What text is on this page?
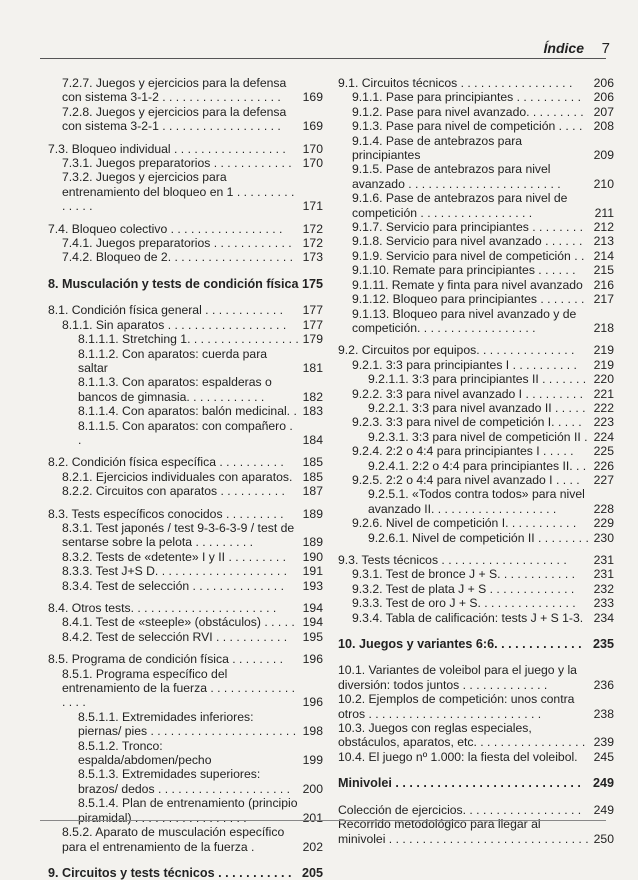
Índice 7
7.2.7. Juegos y ejercicios para la defensa con sistema 3-1-2 . . . . . . . . . . . . . . . . . .	169
7.2.8. Juegos y ejercicios para la defensa con sistema 3-2-1 . . . . . . . . . . . . . . . . . .	169
7.3. Bloqueo individual . . . . . . . . . . . . . . . . .	170
7.3.1. Juegos preparatorios . . . . . . . . . . . . 170
7.3.2. Juegos y ejercicios para entrenamiento del bloqueo en 1 . . . . . . . . . . . . . .	171
7.4. Bloqueo colectivo . . . . . . . . . . . . . . . . .	172
7.4.1. Juegos preparatorios . . . . . . . . . . . . 172
7.4.2. Bloqueo de 2. . . . . . . . . . . . . . . . . . . 173
8. Musculación y tests de condición física 175
8.1. Condición física general . . . . . . . . . . . .	177
8.1.1. Sin aparatos . . . . . . . . . . . . . . . . . .	177
8.1.1.1. Stretching 1. . . . . . . . . . . . . . . . . 179
8.1.1.2. Con aparatos: cuerda para saltar	181
8.1.1.3. Con aparatos: espalderas o bancos de gimnasia. . . . . . . . . . . .	182
8.1.1.4. Con aparatos: balón medicinal. . 183
8.1.1.5. Con aparatos: con compañero . .	184
8.2. Condición física específica . . . . . . . . . .	185
8.2.1. Ejercicios individuales con aparatos. 185
8.2.2. Circuitos con aparatos . . . . . . . . . .	187
8.3. Tests específicos conocidos . . . . . . . . .	189
8.3.1. Test japonés / test 9-3-6-3-9 / test de sentarse sobre la pelota . . . . . . . . .	189
8.3.2. Tests de «detente» I y II . . . . . . . . .	190
8.3.3. Test J+S D. . . . . . . . . . . . . . . . . . . .	191
8.3.4. Test de selección . . . . . . . . . . . . . .	193
8.4. Otros tests. . . . . . . . . . . . . . . . . . . . . .	194
8.4.1. Test de «steeple» (obstáculos) . . . . . 194
8.4.2. Test de selección RVI . . . . . . . . . . .	195
8.5. Programa de condición física . . . . . . . .	196
8.5.1. Programa específico del entrenamiento de la fuerza . . . . . . . . . . . . . . . . .	196
8.5.1.1. Extremidades inferiores: piernas/ pies . . . . . . . . . . . . . . . . . . . . . . 198
8.5.1.2. Tronco: espalda/abdomen/pecho	199
8.5.1.3. Extremidades superiores: brazos/ dedos . . . . . . . . . . . . . . . . . . . .	200
8.5.1.4. Plan de entrenamiento (principio piramidal) . . . . . . . . . . . . . . . . .	201
8.5.2. Aparato de musculación específico para el entrenamiento de la fuerza .	202
9. Circuitos y tests técnicos . . . . . . . . . . . 205
9.1. Circuitos técnicos . . . . . . . . . . . . . . . . .	206
9.1.1. Pase para principiantes . . . . . . . . . .	206
9.1.2. Pase para nivel avanzado. . . . . . . . . 207
9.1.3. Pase para nivel de competición . . . . 208
9.1.4. Pase de antebrazos para principiantes	209
9.1.5. Pase de antebrazos para nivel avanzado . . . . . . . . . . . . . . . . . . . . . . .	210
9.1.6. Pase de antebrazos para nivel de competición . . . . . . . . . . . . . . . . .	211
9.1.7. Servicio para principiantes . . . . . . . . 212
9.1.8. Servicio para nivel avanzado . . . . . . 213
9.1.9. Servicio para nivel de competición . . 214
9.1.10. Remate para principiantes . . . . . .	215
9.1.11. Remate y finta para nivel avanzado 216
9.1.12. Bloqueo para principiantes . . . . . . . 217
9.1.13. Bloqueo para nivel avanzado y de competición. . . . . . . . . . . . . . . . . .	218
9.2. Circuitos por equipos. . . . . . . . . . . . . . .	219
9.2.1. 3:3 para principiantes I . . . . . . . . . .	219
9.2.1.1. 3:3 para principiantes II . . . . . . . 220
9.2.2. 3:3 para nivel avanzado I . . . . . . . . . 221
9.2.2.1. 3:3 para nivel avanzado II . . . . . 222
9.2.3. 3:3 para nivel de competición I. . . . . 223
9.2.3.1. 3:3 para nivel de competición II . 224
9.2.4. 2:2 o 4:4 para principiantes I . . . . .	225
9.2.4.1. 2:2 o 4:4 para principiantes II. . . 226
9.2.5. 2:2 o 4:4 para nivel avanzado I . . . .	227
9.2.5.1. «Todos contra todos» para nivel avanzado II. . . . . . . . . . . . . . . . . . .	228
9.2.6. Nivel de competición I. . . . . . . . . . .	229
9.2.6.1. Nivel de competición II . . . . . . . . 230
9.3. Tests técnicos . . . . . . . . . . . . . . . . . . .	231
9.3.1. Test de bronce J + S. . . . . . . . . . . .	231
9.3.2. Test de plata J + S . . . . . . . . . . . . .	232
9.3.3. Test de oro J + S. . . . . . . . . . . . . . .	233
9.3.4. Tabla de calificación: tests J + S 1-3. 234
10. Juegos y variantes 6:6. . . . . . . . . . . . . 235
10.1. Variantes de voleibol para el juego y la diversión: todos juntos . . . . . . . . . . . . .	236
10.2. Ejemplos de competición: unos contra otros . . . . . . . . . . . . . . . . . . . . . . . . . .	238
10.3. Juegos con reglas especiales, obstáculos, aparatos, etc. . . . . . . . . . . . . . . . . 239
10.4. El juego nº 1.000: la fiesta del voleibol.	245
Minivolei . . . . . . . . . . . . . . . . . . . . . . . . . . . 249
Colección de ejercicios. . . . . . . . . . . . . . . . . .	249
Recorrido metodológico para llegar al minivolei . . . . . . . . . . . . . . . . . . . . . . . . . . . . . . 250
